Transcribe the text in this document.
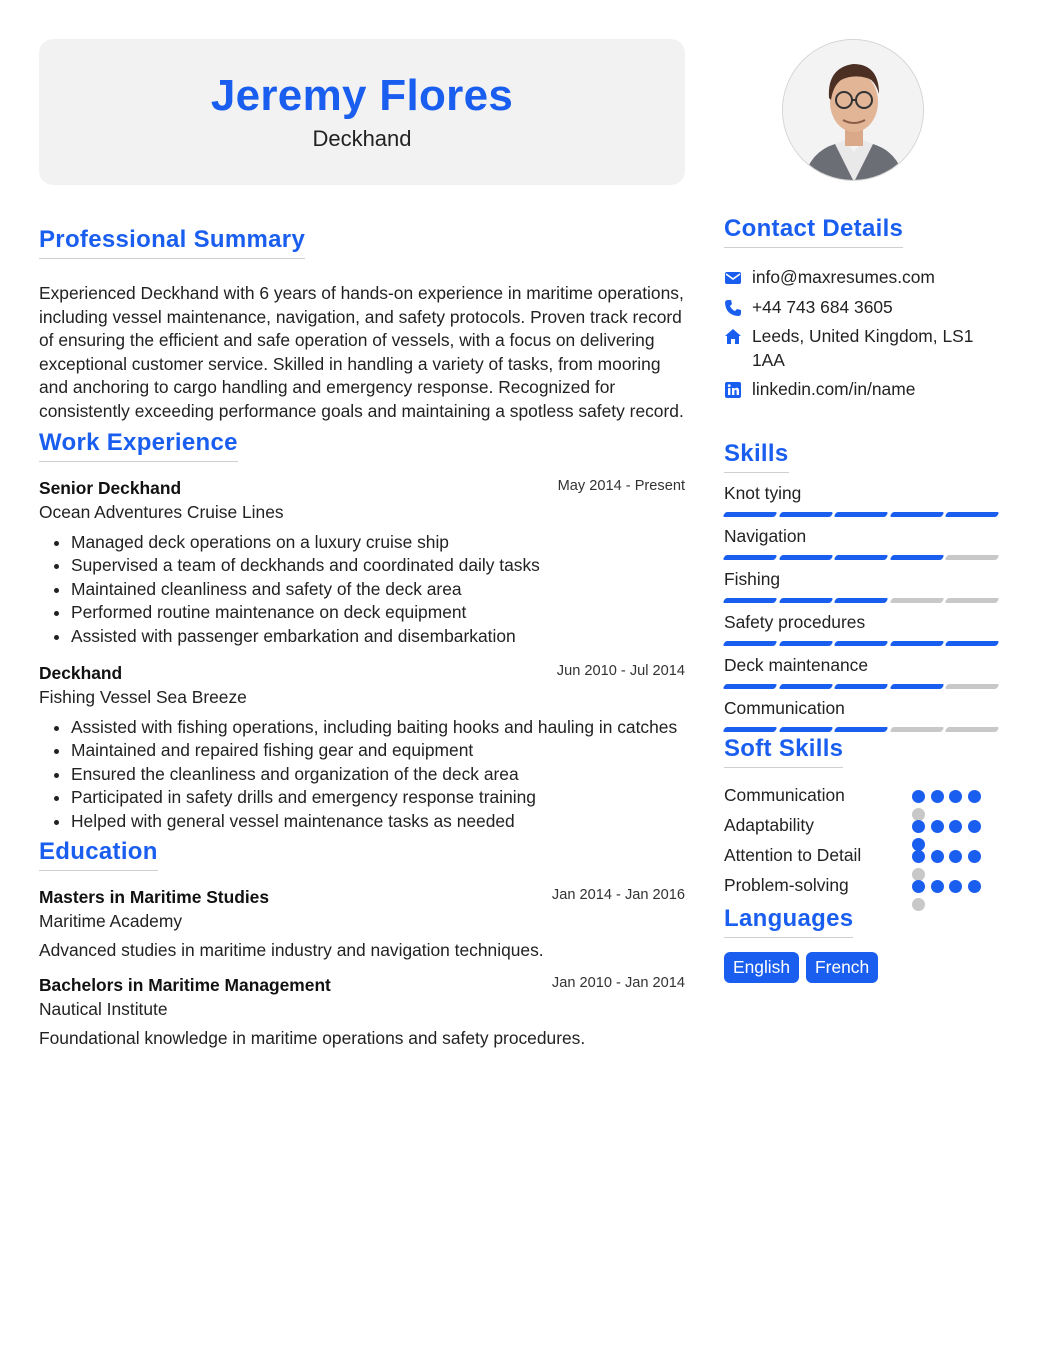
Jeremy Flores
Deckhand
Professional Summary

Experienced Deckhand with 6 years of hands-on experience in maritime operations, including vessel maintenance, navigation, and safety protocols. Proven track record of ensuring the efficient and safe operation of vessels, with a focus on delivering exceptional customer service. Skilled in handling a variety of tasks, from mooring and anchoring to cargo handling and emergency response. Recognized for consistently exceeding performance goals and maintaining a spotless safety record.

Work Experience
Senior Deckhand	May 2014 - Present
Ocean Adventures Cruise Lines
• Managed deck operations on a luxury cruise ship
• Supervised a team of deckhands and coordinated daily tasks
• Maintained cleanliness and safety of the deck area
• Performed routine maintenance on deck equipment
• Assisted with passenger embarkation and disembarkation
Deckhand	Jun 2010 - Jul 2014
Fishing Vessel Sea Breeze
• Assisted with fishing operations, including baiting hooks and hauling in catches
• Maintained and repaired fishing gear and equipment
• Ensured the cleanliness and organization of the deck area
• Participated in safety drills and emergency response training
• Helped with general vessel maintenance tasks as needed
Education
Masters in Maritime Studies	Jan 2014 - Jan 2016
Maritime Academy
Advanced studies in maritime industry and navigation techniques.
Bachelors in Maritime Management	Jan 2010 - Jan 2014
Nautical Institute
Foundational knowledge in maritime operations and safety procedures.
Contact Details
info@maxresumes.com
+44 743 684 3605
Leeds, United Kingdom, LS1 1AA
linkedin.com/in/name
Skills
Knot tying
Navigation
Fishing
Safety procedures
Deck maintenance
Communication
Soft Skills
Communication
Adaptability
Attention to Detail
Problem-solving
Languages
English	French
